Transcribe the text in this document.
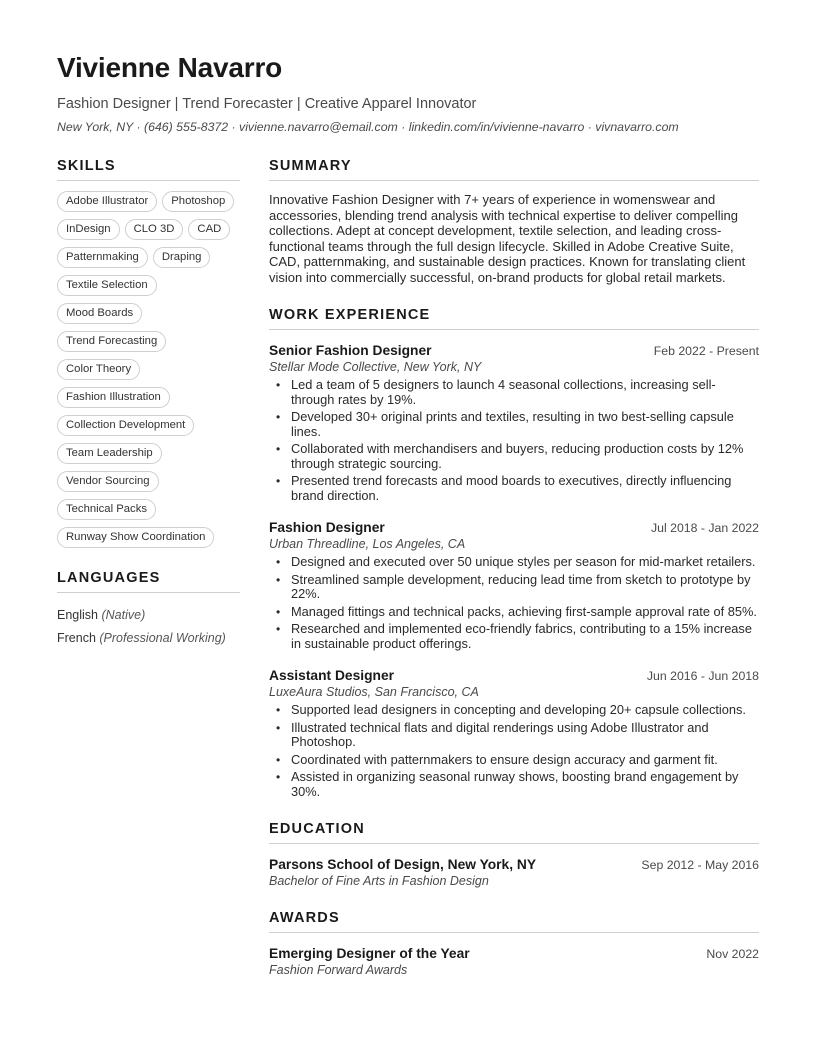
Vivienne Navarro
Fashion Designer | Trend Forecaster | Creative Apparel Innovator
New York, NY · (646) 555-8372 · vivienne.navarro@email.com · linkedin.com/in/vivienne-navarro · vivnavarro.com
SKILLS
Adobe Illustrator	Photoshop
InDesign	CLO 3D	CAD
Patternmaking	Draping
Textile Selection
Mood Boards
Trend Forecasting
Color Theory
Fashion Illustration
Collection Development
Team Leadership
Vendor Sourcing
Technical Packs
Runway Show Coordination
LANGUAGES
English (Native)
French (Professional Working)
SUMMARY

Innovative Fashion Designer with 7+ years of experience in womenswear and accessories, blending trend analysis with technical expertise to deliver compelling collections. Adept at concept development, textile selection, and leading cross-functional teams through the full design lifecycle. Skilled in Adobe Creative Suite, CAD, patternmaking, and sustainable design practices. Known for translating client vision into commercially successful, on-brand products for global retail markets.

WORK EXPERIENCE
Senior Fashion Designer	Feb 2022 - Present
Stellar Mode Collective, New York, NY
• Led a team of 5 designers to launch 4 seasonal collections, increasing sell-through rates by 19%.
• Developed 30+ original prints and textiles, resulting in two best-selling capsule lines.
• Collaborated with merchandisers and buyers, reducing production costs by 12% through strategic sourcing.
• Presented trend forecasts and mood boards to executives, directly influencing brand direction.
Fashion Designer	Jul 2018 - Jan 2022
Urban Threadline, Los Angeles, CA
• Designed and executed over 50 unique styles per season for mid-market retailers.
• Streamlined sample development, reducing lead time from sketch to prototype by 22%.
• Managed fittings and technical packs, achieving first-sample approval rate of 85%.
• Researched and implemented eco-friendly fabrics, contributing to a 15% increase in sustainable product offerings.
Assistant Designer	Jun 2016 - Jun 2018
LuxeAura Studios, San Francisco, CA
• Supported lead designers in concepting and developing 20+ capsule collections.
• Illustrated technical flats and digital renderings using Adobe Illustrator and Photoshop.
• Coordinated with patternmakers to ensure design accuracy and garment fit.
• Assisted in organizing seasonal runway shows, boosting brand engagement by 30%.
EDUCATION
Parsons School of Design, New York, NY	Sep 2012 - May 2016
Bachelor of Fine Arts in Fashion Design
AWARDS
Emerging Designer of the Year	Nov 2022
Fashion Forward Awards
